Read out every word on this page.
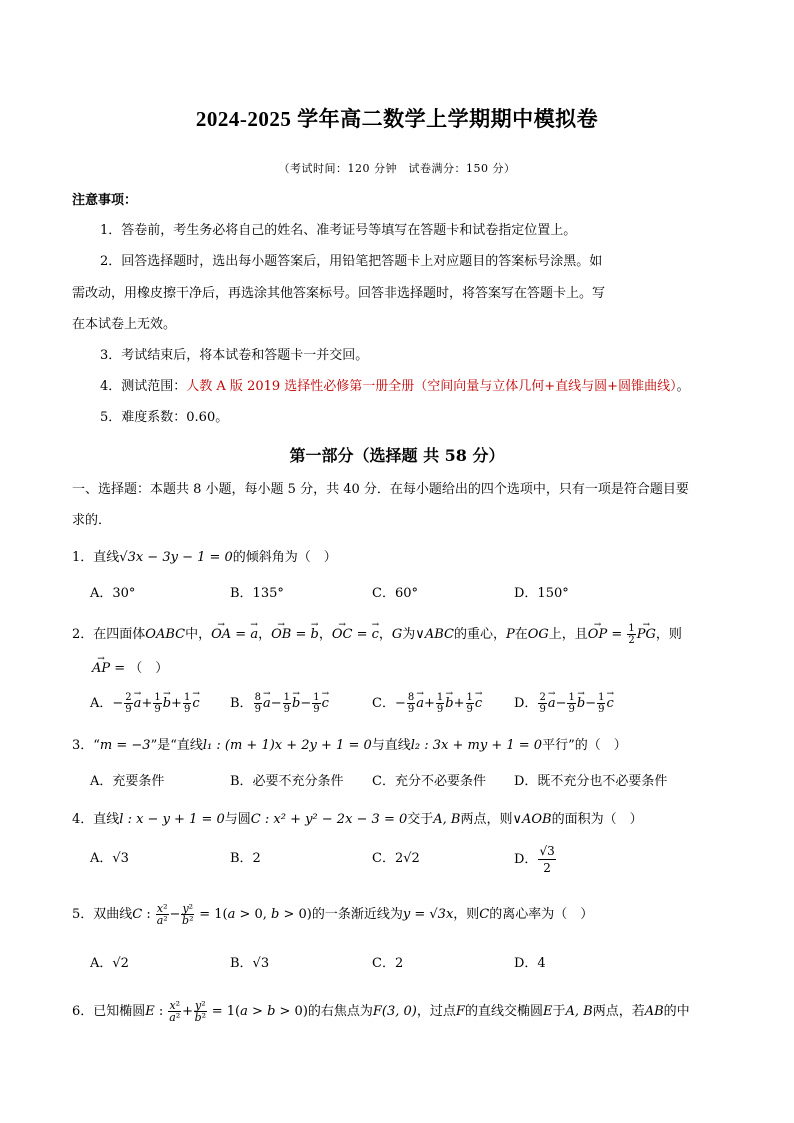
2024-2025 学年高二数学上学期期中模拟卷
（考试时间：120 分钟　试卷满分：150 分）
注意事项：
1．答卷前，考生务必将自己的姓名、准考证号等填写在答题卡和试卷指定位置上。
2．回答选择题时，选出每小题答案后，用铅笔把答题卡上对应题目的答案标号涂黑。如
需改动，用橡皮擦干净后，再选涂其他答案标号。回答非选择题时，将答案写在答题卡上。写
在本试卷上无效。
3．考试结束后，将本试卷和答题卡一并交回。
4．测试范围：人教 A 版 2019 选择性必修第一册全册（空间向量与立体几何+直线与圆+圆锥曲线）。
5．难度系数：0.60。
第一部分（选择题 共 58 分）
一、选择题：本题共 8 小题，每小题 5 分，共 40 分．在每小题给出的四个选项中，只有一项是符合题目要
求的．
1．直线√3x − 3y − 1 = 0的倾斜角为（　）
A．30°	B．135°	C．60°	D．150°
2．在四面体OABC中，→ OA = → a，→ OB = → b，→ OC = → c，G为∨ABC的重心，P在OG上，且→ OP = $\frac{1}{2}$
→ PG，则
→ AP = （　）
A．− $\frac{2}{9}$
→ $a+ \frac{1}{9}$
→ $b+ \frac{1}{9}$
→ c B． $\frac{8}{9}$
→ $a- \frac{1}{9}$
→ $b- \frac{1}{9}$
→ c	C．− $\frac{8}{9}$
→ $a+ \frac{1}{9}$
→ $b+ \frac{1}{9}$
→ c D． $\frac{2}{9}$
→ $a- \frac{1}{9}$
→ $b- \frac{1}{9}$
→ c
3．“m = −3”是“直线l₁ : (m + 1)x + 2y + 1 = 0与直线l₂ : 3x + my + 1 = 0平行”的（　）
A．充要条件	B．必要不充分条件 C．充分不必要条件 D．既不充分也不必要条件
4．直线l : x − y + 1 = 0与圆C : x² + y² − 2x − 3 = 0交于A, B两点，则∨AOB的面积为（　）
A．√3	B．2	C．2√2	D． $\frac{√3}{2}$
5．双曲线C : $\frac{\text{x²}}{\text{a²}} - \frac{\text{y²}}{\text{b²}} = 1(a > 0$, b > 0)的一条渐近线为y = √3x，则C的离心率为（　）
A．√2	B．√3	C．2	D．4
6．已知椭圆E : $\frac{\text{x²}}{\text{a²}} + \frac{\text{y²}}{\text{b²}} = 1(a > b > 0)$的右焦点为F(3, 0)，过点F的直线交椭圆E于A, B两点，若AB的中
